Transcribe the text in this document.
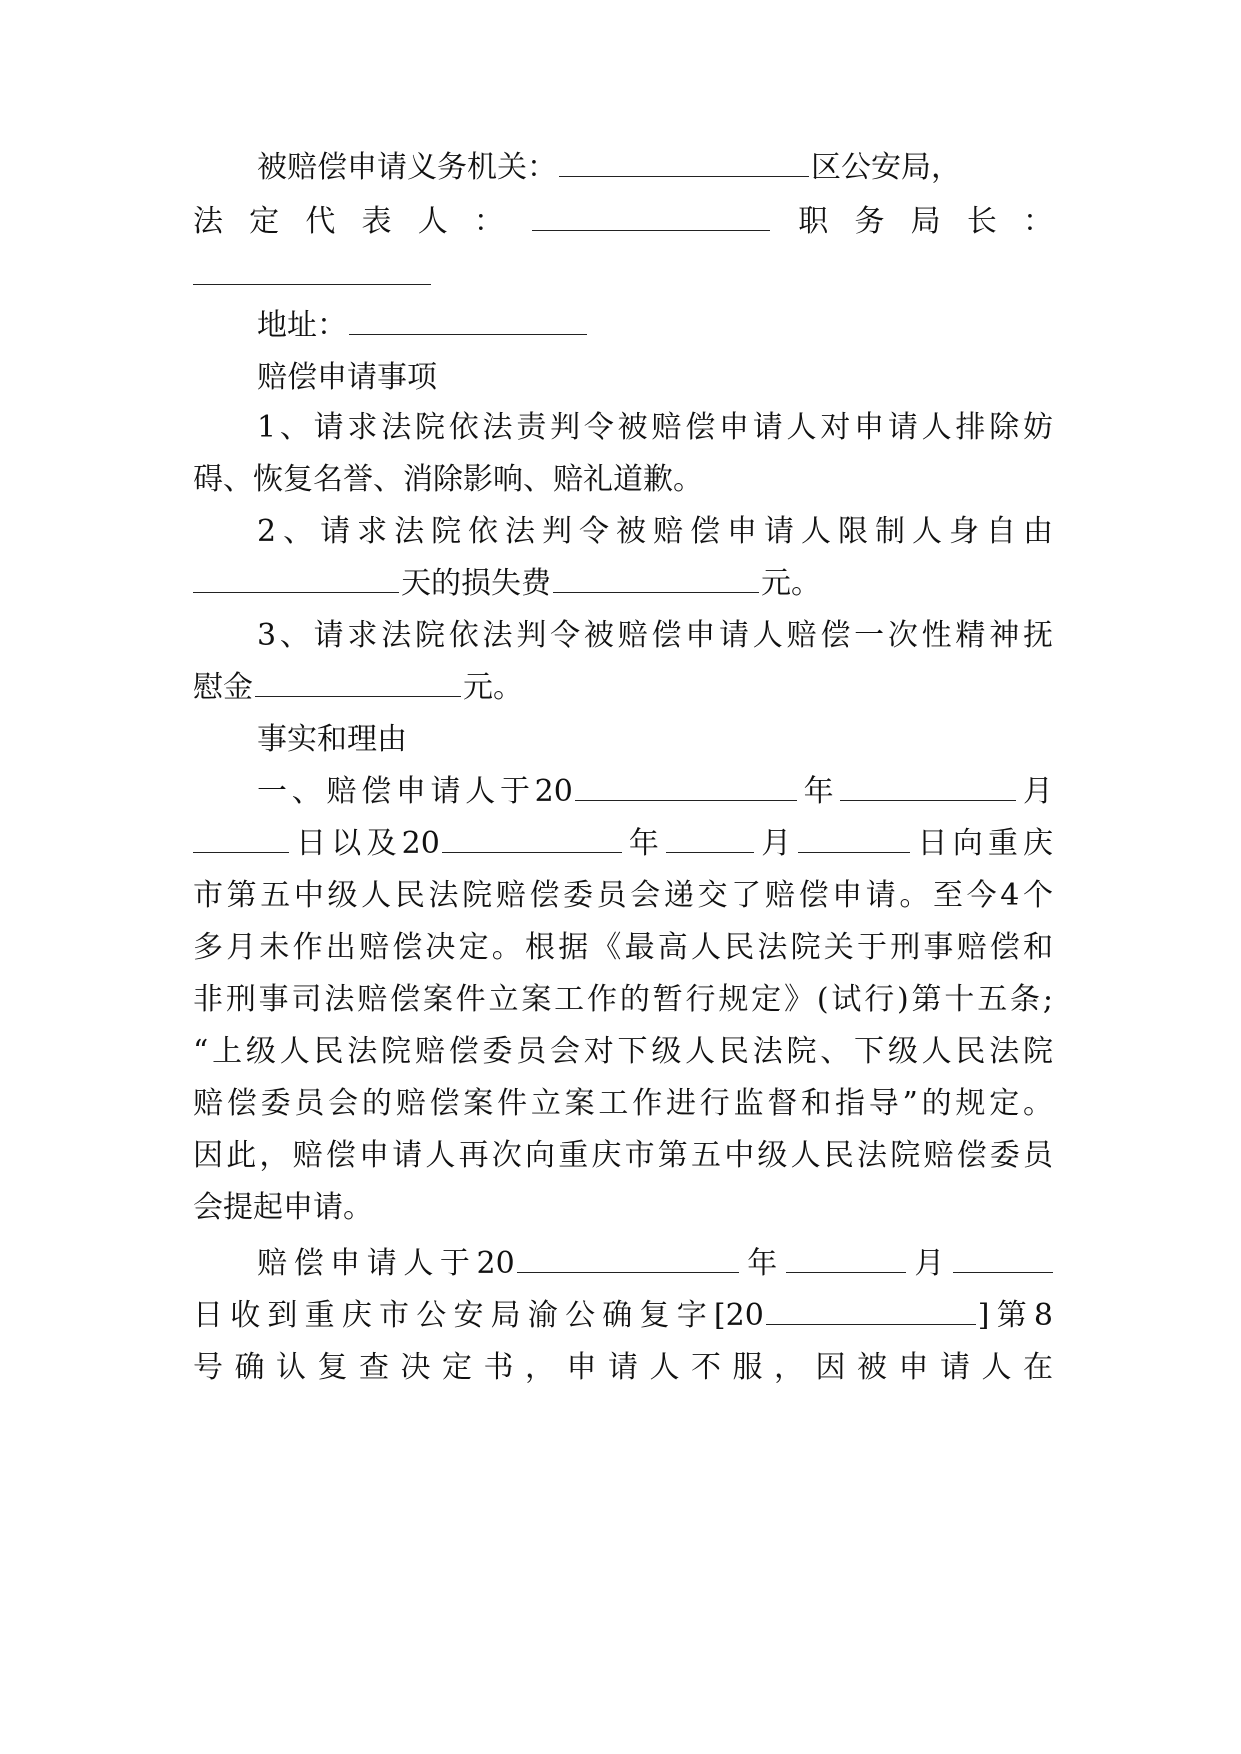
被赔偿申请义务机关：	区公安局，
法定代表人：	职务局长：
地址：
赔偿申请事项
1、请求法院依法责判令被赔偿申请人对申请人排除妨
碍、恢复名誉、消除影响、赔礼道歉。
2、请求法院依法判令被赔偿申请人限制人身自由
天的损失费	元。
3、请求法院依法判令被赔偿申请人赔偿一次性精神抚
慰金	元。
事实和理由
一、赔偿申请人于20	年	月
日以及20	年	月	日向重庆
市第五中级人民法院赔偿委员会递交了赔偿申请。至今4个
多月未作出赔偿决定。根据《最高人民法院关于刑事赔偿和
非刑事司法赔偿案件立案工作的暂行规定》(试行)第十五条;
“上级人民法院赔偿委员会对下级人民法院、下级人民法院
赔偿委员会的赔偿案件立案工作进行监督和指导”的规定。
因此，赔偿申请人再次向重庆市第五中级人民法院赔偿委员
会提起申请。
赔偿申请人于20	年	月
日收到重庆市公安局渝公确复字[20	]第8
号确认复查决定书，申请人不服，因被申请人在
